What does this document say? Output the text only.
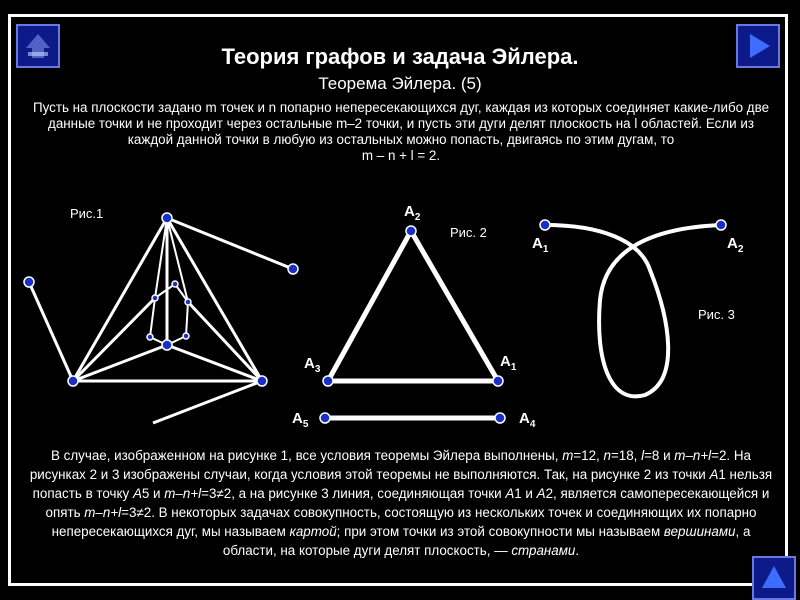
Теория графов и задача Эйлера.
Теорема Эйлера. (5)
Пусть на плоскости задано m точек и n попарно непересекающихся дуг, каждая из которых соединяет какие-либо две данные точки и не проходит через остальные m–2 точки, и пусть эти дуги делят плоскость на l областей. Если из каждой данной точки в любую из остальных можно попасть, двигаясь по этим дугам, то
m – n + l = 2.
Рис.1
Рис. 2
Рис. 3
$A_2$
$A_3$	$A_1$
$A_5$	$A_4$
$A_1$	$A_2$
В случае, изображенном на рисунке 1, все условия теоремы Эйлера выполнены, m=12, n=18, l=8 и m–n+l=2. На рисунках 2 и 3 изображены случаи, когда условия этой теоремы не выполняются. Так, на рисунке 2 из точки A1 нельзя попасть в точку A5 и m–n+l=3≠2, а на рисунке 3 линия, соединяющая точки A1 и A2, является самопересекающейся и опять m–n+l=3≠2. В некоторых задачах совокупность, состоящую из нескольких точек и соединяющих их попарно непересекающихся дуг, мы называем картой; при этом точки из этой совокупности мы называем вершинами, а области, на которые дуги делят плоскость, — странами.
